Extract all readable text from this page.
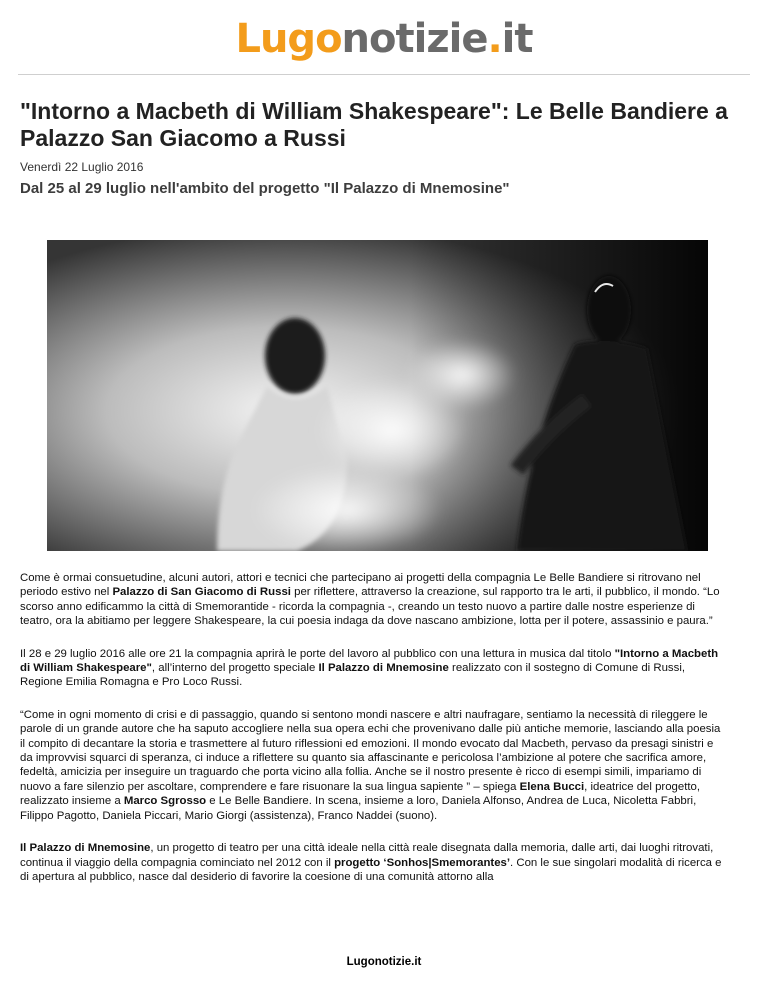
Lugonotizie.it
"Intorno a Macbeth di William Shakespeare": Le Belle Bandiere a Palazzo San Giacomo a Russi
Venerdì 22 Luglio 2016
Dal 25 al 29 luglio nell'ambito del progetto "Il Palazzo di Mnemosine"

Come è ormai consuetudine, alcuni autori, attori e tecnici che partecipano ai progetti della compagnia Le Belle Bandiere si ritrovano nel periodo estivo nel Palazzo di San Giacomo di Russi per riflettere, attraverso la creazione, sul rapporto tra le arti, il pubblico, il mondo. “Lo scorso anno edificammo la città di Smemorantide - ricorda la compagnia -, creando un testo nuovo a partire dalle nostre esperienze di teatro, ora la abitiamo per leggere Shakespeare, la cui poesia indaga da dove nascano ambizione, lotta per il potere, assassinio e paura.”

Il 28 e 29 luglio 2016 alle ore 21 la compagnia aprirà le porte del lavoro al pubblico con una lettura in musica dal titolo "Intorno a Macbeth di William Shakespeare", all’interno del progetto speciale Il Palazzo di Mnemosine realizzato con il sostegno di Comune di Russi, Regione Emilia Romagna e Pro Loco Russi.

“Come in ogni momento di crisi e di passaggio, quando si sentono mondi nascere e altri naufragare, sentiamo la necessità di rileggere le parole di un grande autore che ha saputo accogliere nella sua opera echi che provenivano dalle più antiche memorie, lasciando alla poesia il compito di decantare la storia e trasmettere al futuro riflessioni ed emozioni. Il mondo evocato dal Macbeth, pervaso da presagi sinistri e da improvvisi squarci di speranza, ci induce a riflettere su quanto sia affascinante e pericolosa l’ambizione al potere che sacrifica amore, fedeltà, amicizia per inseguire un traguardo che porta vicino alla follia. Anche se il nostro presente è ricco di esempi simili, impariamo di nuovo a fare silenzio per ascoltare, comprendere e fare risuonare la sua lingua sapiente ” – spiega Elena Bucci, ideatrice del progetto, realizzato insieme a Marco Sgrosso e Le Belle Bandiere. In scena, insieme a loro, Daniela Alfonso, Andrea de Luca, Nicoletta Fabbri, Filippo Pagotto, Daniela Piccari, Mario Giorgi (assistenza), Franco Naddei (suono).

Il Palazzo di Mnemosine, un progetto di teatro per una città ideale nella città reale disegnata dalla memoria, dalle arti, dai luoghi ritrovati, continua il viaggio della compagnia cominciato nel 2012 con il progetto ‘Sonhos|Smemorantes’. Con le sue singolari modalità di ricerca e di apertura al pubblico, nasce dal desiderio di favorire la coesione di una comunità attorno alla

Lugonotizie.it
